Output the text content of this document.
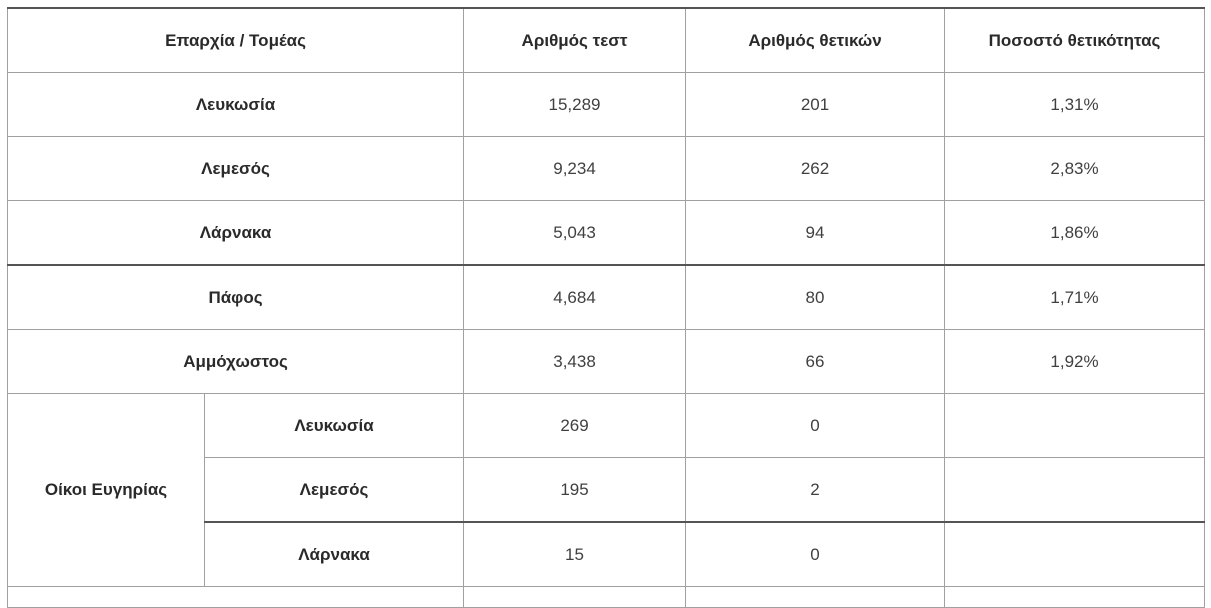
Επαρχία / Τομέας		Αριθμός τεστ	Αριθμός θετικών	Ποσοστό θετικότητας
Λευκωσία		15,289	201	1,31%
Λεμεσός		9,234	262	2,83%
Λάρνακα		5,043	94	1,86%
Πάφος		4,684	80	1,71%
Αμμόχωστος		3,438	66	1,92%
Οίκοι Ευγηρίας	Λευκωσία	269	0	
	Λεμεσός	195	2	
	Λάρνακα	15	0	
